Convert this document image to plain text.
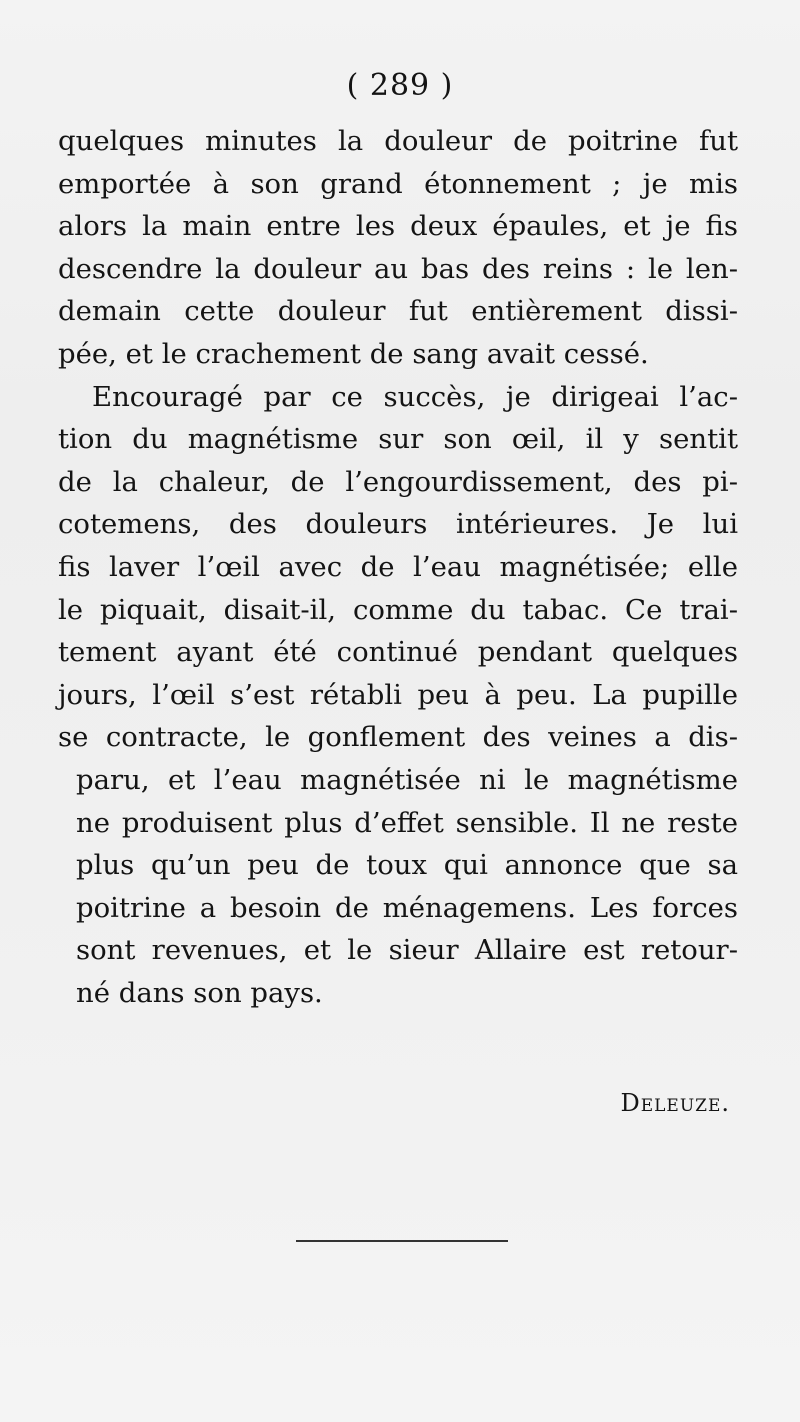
( 289 )
quelques minutes la douleur de poitrine fut
emportée à son grand étonnement ; je mis
alors la main entre les deux épaules, et je fis
descendre la douleur au bas des reins : le len-
demain cette douleur fut entièrement dissi-
pée, et le crachement de sang avait cessé.
Encouragé par ce succès, je dirigeai l’ac-
tion du magnétisme sur son œil, il y sentit
de la chaleur, de l’engourdissement, des pi-
cotemens, des douleurs intérieures. Je lui
fis laver l’œil avec de l’eau magnétisée; elle
le piquait, disait-il, comme du tabac. Ce trai-
tement ayant été continué pendant quelques
jours, l’œil s’est rétabli peu à peu. La pupille
se contracte, le gonflement des veines a dis-
paru, et l’eau magnétisée ni le magnétisme
ne produisent plus d’effet sensible. Il ne reste
plus qu’un peu de toux qui annonce que sa
poitrine a besoin de ménagemens. Les forces
sont revenues, et le sieur Allaire est retour-
né dans son pays.
Deleuze.
